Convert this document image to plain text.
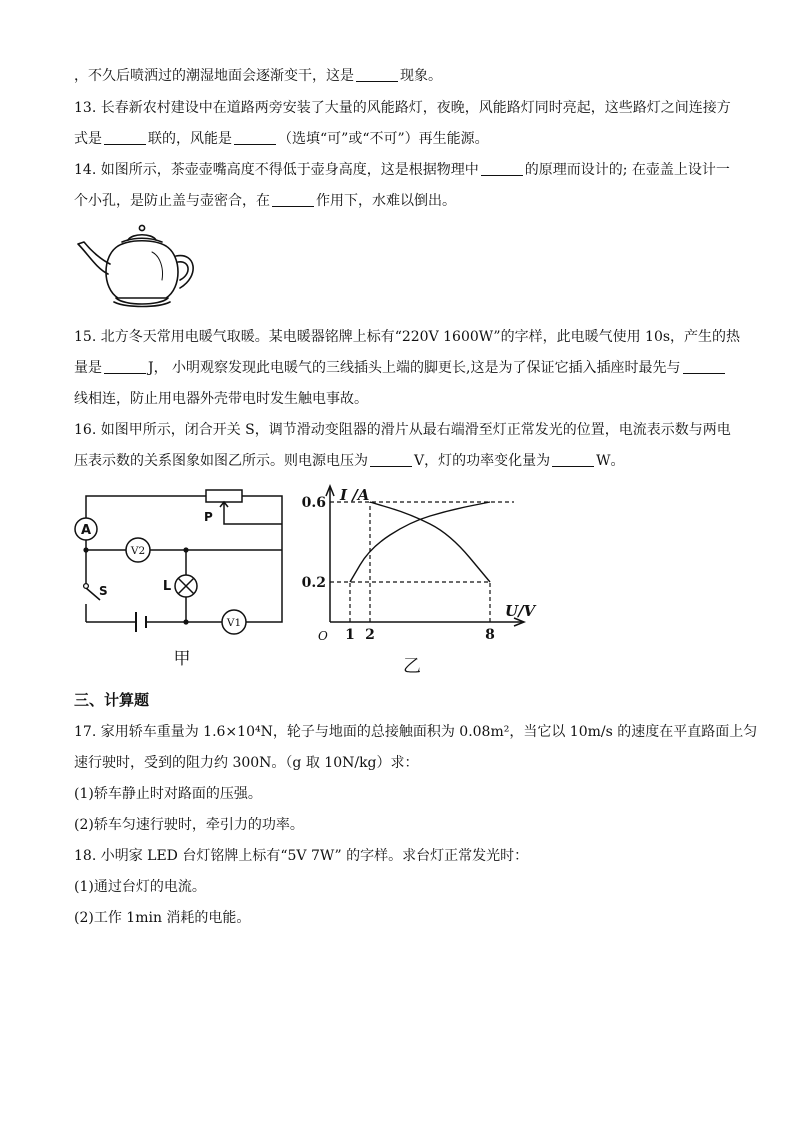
，不久后喷洒过的潮湿地面会逐渐变干，这是	现象。
13. 长春新农村建设中在道路两旁安装了大量的风能路灯，夜晚，风能路灯同时亮起，这些路灯之间连接方
式是	联的，风能是	（选填“可”或“不可”）再生能源。
14. 如图所示，茶壶壶嘴高度不得低于壶身高度，这是根据物理中	的原理而设计的; 在壶盖上设计一
个小孔，是防止盖与壶密合，在	作用下，水难以倒出。
15. 北方冬天常用电暖气取暖。某电暖器铭牌上标有“220V 1600W”的字样，此电暖气使用 10s，产生的热
量是	J， 小明观察发现此电暖气的三线插头上端的脚更长,这是为了保证它插入插座时最先与
线相连，防止用电器外壳带电时发生触电事故。
16. 如图甲所示，闭合开关 S，调节滑动变阻器的滑片从最右端滑至灯正常发光的位置，电流表示数与两电
压表示数的关系图象如图乙所示。则电源电压为	V，灯的功率变化量为	W。
A
V2
L
S
P
V1
甲
1 2	8
0.6
0.2
I /A
U/V
O
乙
三、计算题
17. 家用轿车重量为 1.6×10⁴N，轮子与地面的总接触面积为 0.08m²，当它以 10m/s 的速度在平直路面上匀
速行驶时，受到的阻力约 300N。（g 取 10N/kg）求：
(1)轿车静止时对路面的压强。
(2)轿车匀速行驶时，牵引力的功率。
18. 小明家 LED 台灯铭牌上标有“5V 7W” 的字样。求台灯正常发光时：
(1)通过台灯的电流。
(2)工作 1min 消耗的电能。
